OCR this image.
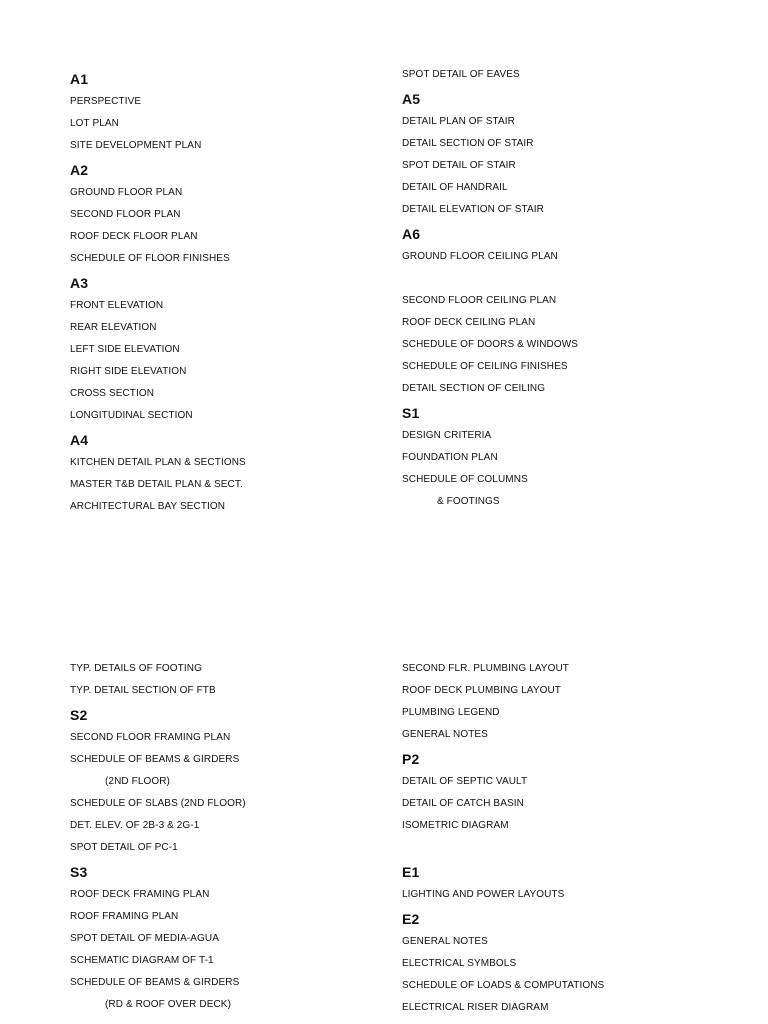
A1
PERSPECTIVE
LOT PLAN
SITE DEVELOPMENT PLAN
A2
GROUND FLOOR PLAN
SECOND FLOOR PLAN
ROOF DECK FLOOR PLAN
SCHEDULE OF FLOOR FINISHES
A3
FRONT ELEVATION
REAR ELEVATION
LEFT SIDE ELEVATION
RIGHT SIDE ELEVATION
CROSS SECTION
LONGITUDINAL SECTION
A4
KITCHEN DETAIL PLAN & SECTIONS
MASTER T&B DETAIL PLAN & SECT.
ARCHITECTURAL BAY SECTION
SPOT DETAIL OF EAVES
A5
DETAIL PLAN OF STAIR
DETAIL SECTION OF STAIR
SPOT DETAIL OF STAIR
DETAIL OF HANDRAIL
DETAIL ELEVATION OF STAIR
A6
GROUND FLOOR CEILING PLAN
SECOND FLOOR CEILING PLAN
ROOF DECK CEILING PLAN
SCHEDULE OF DOORS & WINDOWS
SCHEDULE OF CEILING FINISHES
DETAIL SECTION OF CEILING
S1
DESIGN CRITERIA
FOUNDATION PLAN
SCHEDULE OF COLUMNS
& FOOTINGS
TYP. DETAILS OF FOOTING
TYP. DETAIL SECTION OF FTB
S2
SECOND FLOOR FRAMING PLAN
SCHEDULE OF BEAMS & GIRDERS
(2ND FLOOR)
SCHEDULE OF SLABS (2ND FLOOR)
DET. ELEV. OF 2B-3 & 2G-1
SPOT DETAIL OF PC-1
S3
ROOF DECK FRAMING PLAN
ROOF FRAMING PLAN
SPOT DETAIL OF MEDIA-AGUA
SCHEMATIC DIAGRAM OF T-1
SCHEDULE OF BEAMS & GIRDERS
(RD & ROOF OVER DECK)
SECOND FLR. PLUMBING LAYOUT
ROOF DECK PLUMBING LAYOUT
PLUMBING LEGEND
GENERAL NOTES
P2
DETAIL OF SEPTIC VAULT
DETAIL OF CATCH BASIN
ISOMETRIC DIAGRAM
E1
LIGHTING AND POWER LAYOUTS
E2
GENERAL NOTES
ELECTRICAL SYMBOLS
SCHEDULE OF LOADS & COMPUTATIONS
ELECTRICAL RISER DIAGRAM
